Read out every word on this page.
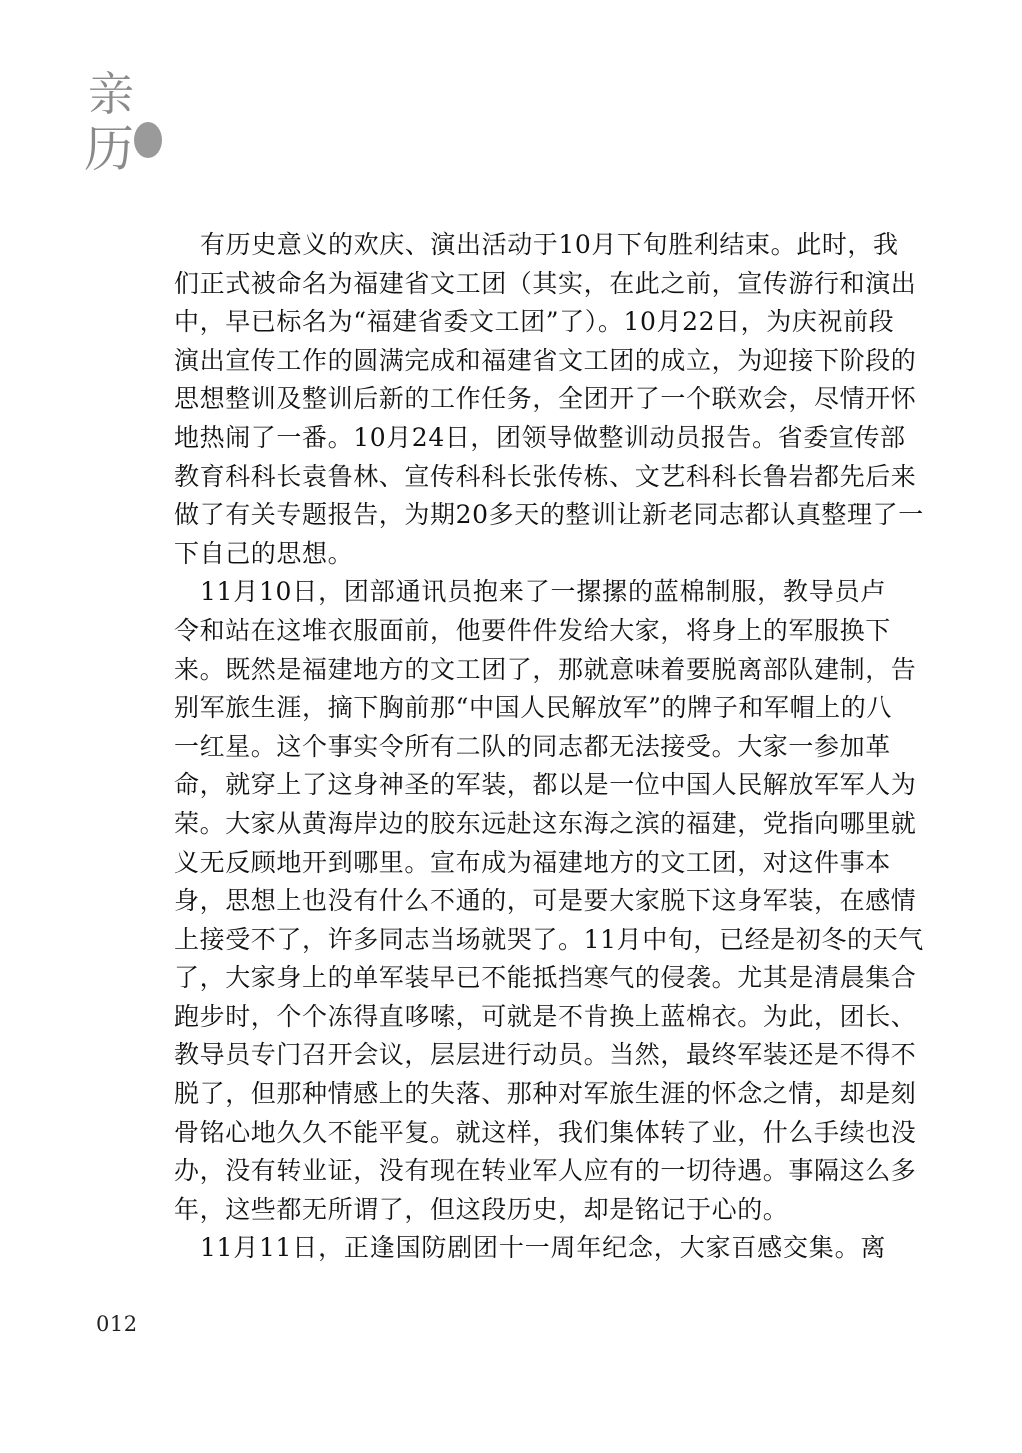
亲
历
有历史意义的欢庆、演出活动于10月下旬胜利结束。此时，我
们正式被命名为福建省文工团（其实，在此之前，宣传游行和演出
中，早已标名为“福建省委文工团”了）。10月22日，为庆祝前段
演出宣传工作的圆满完成和福建省文工团的成立，为迎接下阶段的
思想整训及整训后新的工作任务，全团开了一个联欢会，尽情开怀
地热闹了一番。10月24日，团领导做整训动员报告。省委宣传部
教育科科长袁鲁林、宣传科科长张传栋、文艺科科长鲁岩都先后来
做了有关专题报告，为期20多天的整训让新老同志都认真整理了一
下自己的思想。
11月10日，团部通讯员抱来了一摞摞的蓝棉制服，教导员卢
令和站在这堆衣服面前，他要件件发给大家，将身上的军服换下
来。既然是福建地方的文工团了，那就意味着要脱离部队建制，告
别军旅生涯，摘下胸前那“中国人民解放军”的牌子和军帽上的八
一红星。这个事实令所有二队的同志都无法接受。大家一参加革
命，就穿上了这身神圣的军装，都以是一位中国人民解放军军人为
荣。大家从黄海岸边的胶东远赴这东海之滨的福建，党指向哪里就
义无反顾地开到哪里。宣布成为福建地方的文工团，对这件事本
身，思想上也没有什么不通的，可是要大家脱下这身军装，在感情
上接受不了，许多同志当场就哭了。11月中旬，已经是初冬的天气
了，大家身上的单军装早已不能抵挡寒气的侵袭。尤其是清晨集合
跑步时，个个冻得直哆嗦，可就是不肯换上蓝棉衣。为此，团长、
教导员专门召开会议，层层进行动员。当然，最终军装还是不得不
脱了，但那种情感上的失落、那种对军旅生涯的怀念之情，却是刻
骨铭心地久久不能平复。就这样，我们集体转了业，什么手续也没
办，没有转业证，没有现在转业军人应有的一切待遇。事隔这么多
年，这些都无所谓了，但这段历史，却是铭记于心的。
11月11日，正逢国防剧团十一周年纪念，大家百感交集。离
012
